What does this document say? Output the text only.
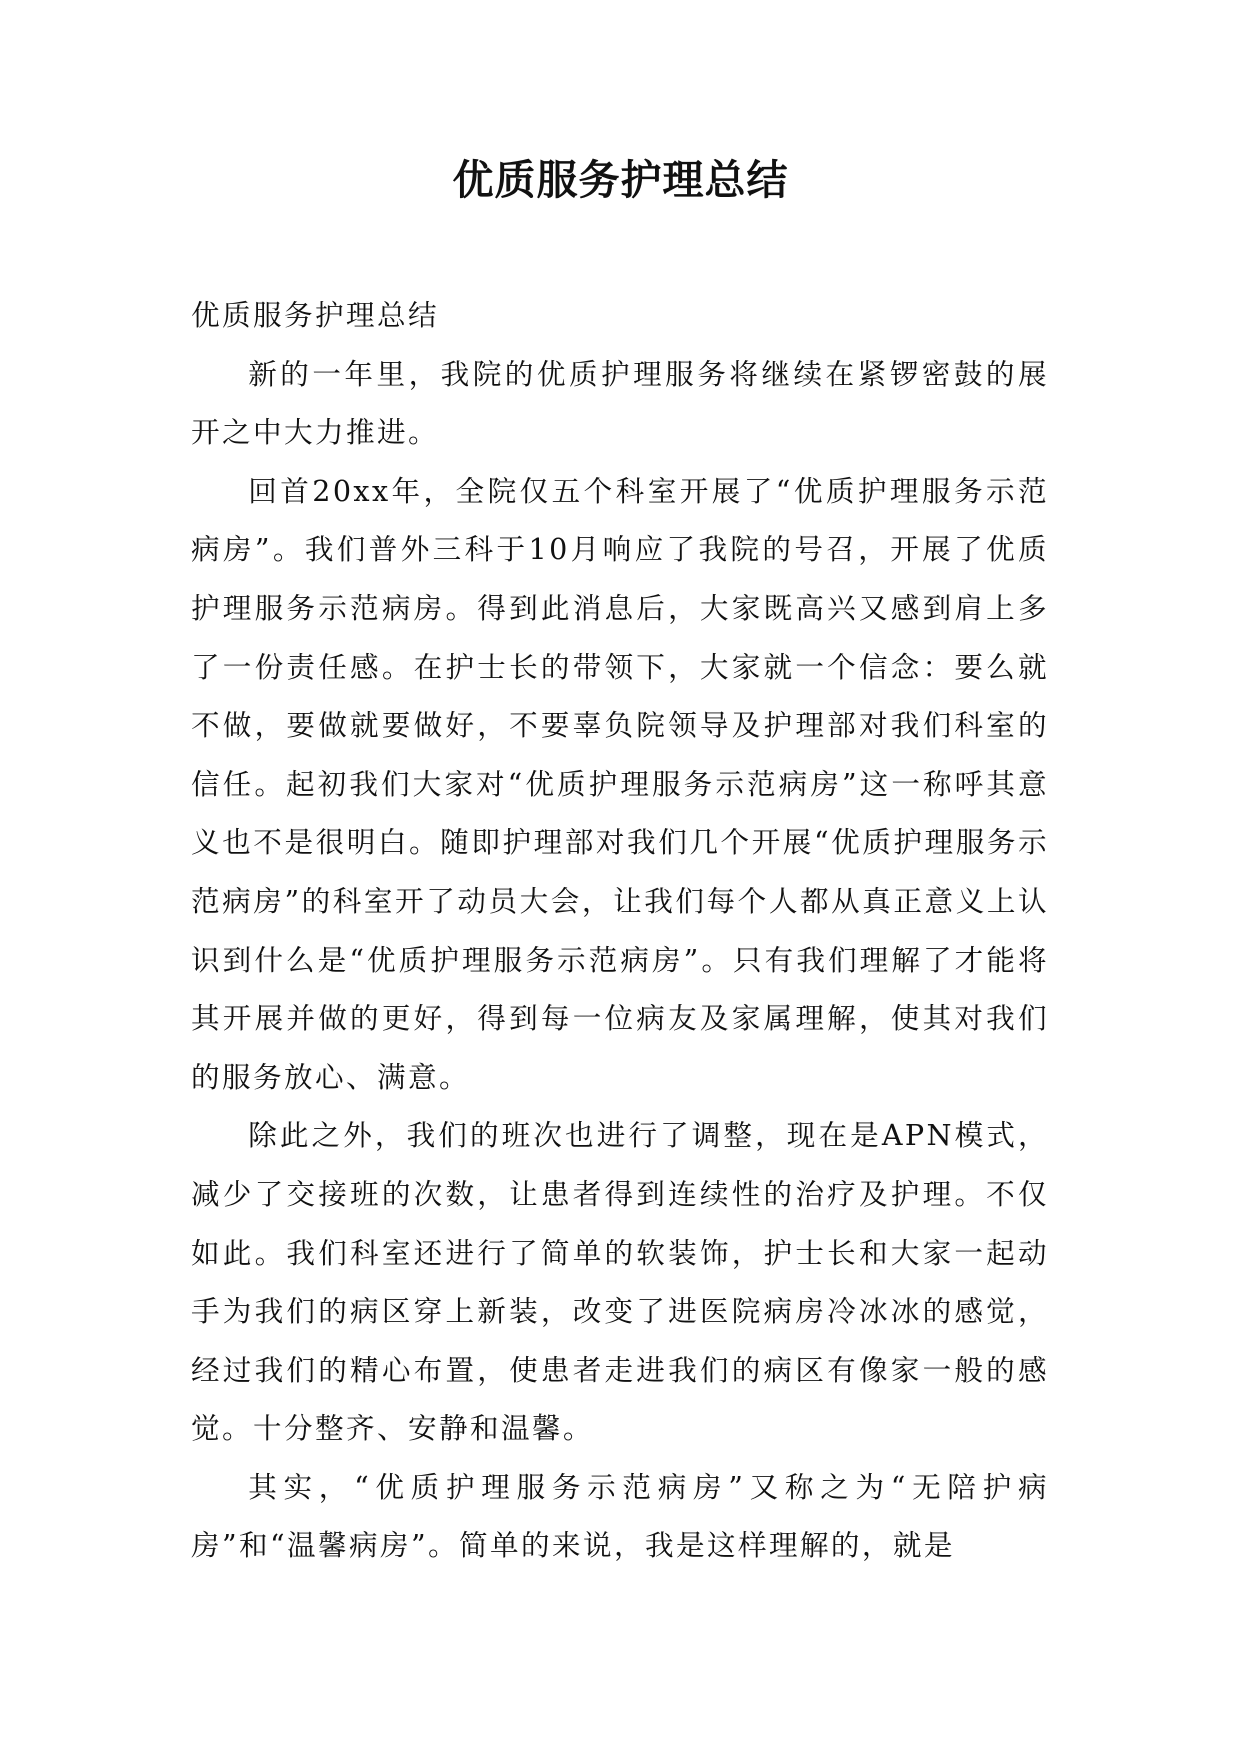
优质服务护理总结

优质服务护理总结

新的一年里，我院的优质护理服务将继续在紧锣密鼓的展开之中大力推进。

回首20xx年，全院仅五个科室开展了“优质护理服务示范病房”。我们普外三科于10月响应了我院的号召，开展了优质护理服务示范病房。得到此消息后，大家既高兴又感到肩上多了一份责任感。在护士长的带领下，大家就一个信念：要么就不做，要做就要做好，不要辜负院领导及护理部对我们科室的信任。起初我们大家对“优质护理服务示范病房”这一称呼其意义也不是很明白。随即护理部对我们几个开展“优质护理服务示范病房”的科室开了动员大会，让我们每个人都从真正意义上认识到什么是“优质护理服务示范病房”。只有我们理解了才能将其开展并做的更好，得到每一位病友及家属理解，使其对我们的服务放心、满意。

除此之外，我们的班次也进行了调整，现在是APN模式，减少了交接班的次数，让患者得到连续性的治疗及护理。不仅如此。我们科室还进行了简单的软装饰，护士长和大家一起动手为我们的病区穿上新装，改变了进医院病房冷冰冰的感觉，经过我们的精心布置，使患者走进我们的病区有像家一般的感觉。十分整齐、安静和温馨。

其实，“优质护理服务示范病房”又称之为“无陪护病房”和“温馨病房”。简单的来说，我是这样理解的，就是
